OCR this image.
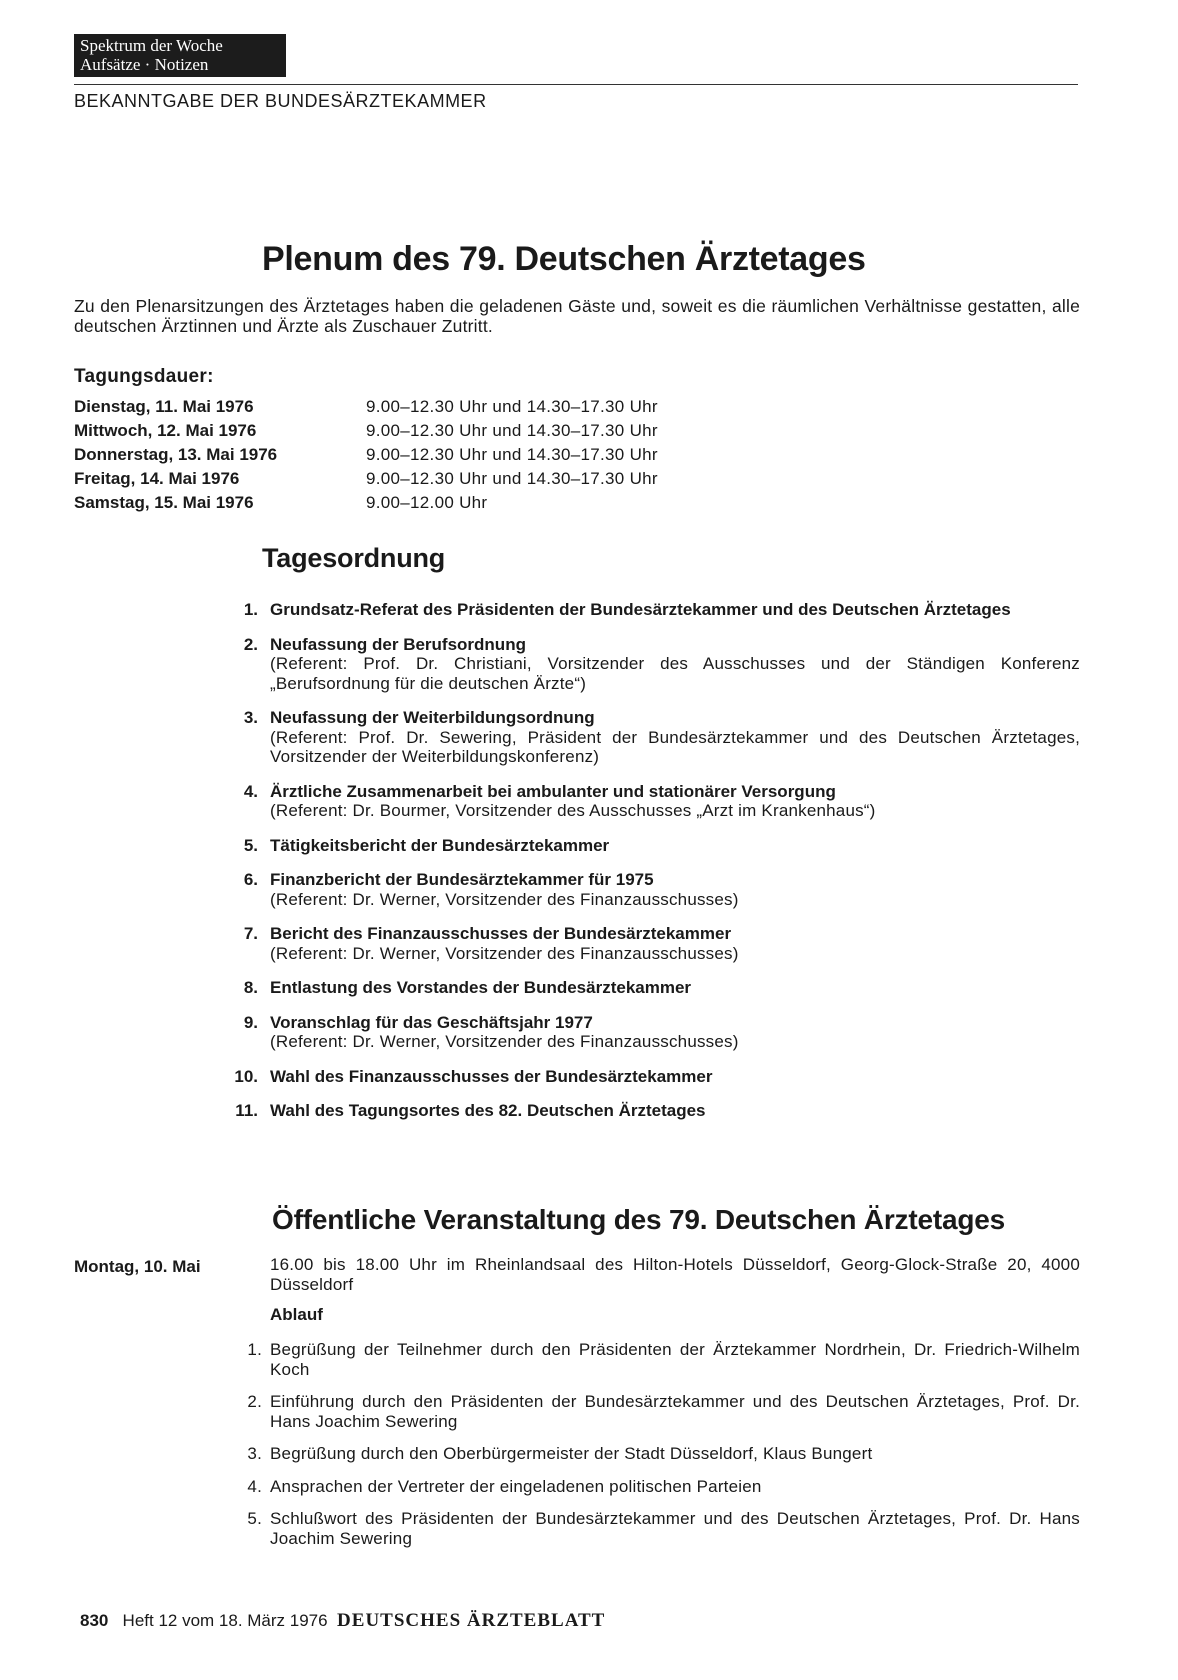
Spektrum der Woche
Aufsätze · Notizen
BEKANNTGABE DER BUNDESÄRZTEKAMMER
Plenum des 79. Deutschen Ärztetages
Zu den Plenarsitzungen des Ärztetages haben die geladenen Gäste und, soweit es die räumlichen Verhältnisse gestatten, alle deutschen Ärztinnen und Ärzte als Zuschauer Zutritt.
Tagungsdauer:
Dienstag, 11. Mai 1976	9.00–12.30 Uhr und 14.30–17.30 Uhr
Mittwoch, 12. Mai 1976	9.00–12.30 Uhr und 14.30–17.30 Uhr
Donnerstag, 13. Mai 1976	9.00–12.30 Uhr und 14.30–17.30 Uhr
Freitag, 14. Mai 1976	9.00–12.30 Uhr und 14.30–17.30 Uhr
Samstag, 15. Mai 1976	9.00–12.00 Uhr
Tagesordnung
1. Grundsatz-Referat des Präsidenten der Bundesärztekammer und des Deutschen Ärztetages
2. Neufassung der Berufsordnung
(Referent: Prof. Dr. Christiani, Vorsitzender des Ausschusses und der Ständigen Konferenz „Berufsordnung für die deutschen Ärzte“)
3. Neufassung der Weiterbildungsordnung
(Referent: Prof. Dr. Sewering, Präsident der Bundesärztekammer und des Deutschen Ärztetages, Vorsitzender der Weiterbildungskonferenz)
4. Ärztliche Zusammenarbeit bei ambulanter und stationärer Versorgung
(Referent: Dr. Bourmer, Vorsitzender des Ausschusses „Arzt im Krankenhaus“)
5. Tätigkeitsbericht der Bundesärztekammer
6. Finanzbericht der Bundesärztekammer für 1975
(Referent: Dr. Werner, Vorsitzender des Finanzausschusses)
7. Bericht des Finanzausschusses der Bundesärztekammer
(Referent: Dr. Werner, Vorsitzender des Finanzausschusses)
8. Entlastung des Vorstandes der Bundesärztekammer
9. Voranschlag für das Geschäftsjahr 1977
(Referent: Dr. Werner, Vorsitzender des Finanzausschusses)
10. Wahl des Finanzausschusses der Bundesärztekammer
11. Wahl des Tagungsortes des 82. Deutschen Ärztetages
Öffentliche Veranstaltung des 79. Deutschen Ärztetages
Montag, 10. Mai	16.00 bis 18.00 Uhr im Rheinlandsaal des Hilton-Hotels Düsseldorf, Georg-Glock-Straße 20, 4000 Düsseldorf
Ablauf
1. Begrüßung der Teilnehmer durch den Präsidenten der Ärztekammer Nordrhein, Dr. Friedrich-Wilhelm Koch
2. Einführung durch den Präsidenten der Bundesärztekammer und des Deutschen Ärztetages, Prof. Dr. Hans Joachim Sewering
3. Begrüßung durch den Oberbürgermeister der Stadt Düsseldorf, Klaus Bungert
4. Ansprachen der Vertreter der eingeladenen politischen Parteien
5. Schlußwort des Präsidenten der Bundesärztekammer und des Deutschen Ärztetages, Prof. Dr. Hans Joachim Sewering
830 Heft 12 vom 18. März 1976 DEUTSCHES ÄRZTEBLATT
